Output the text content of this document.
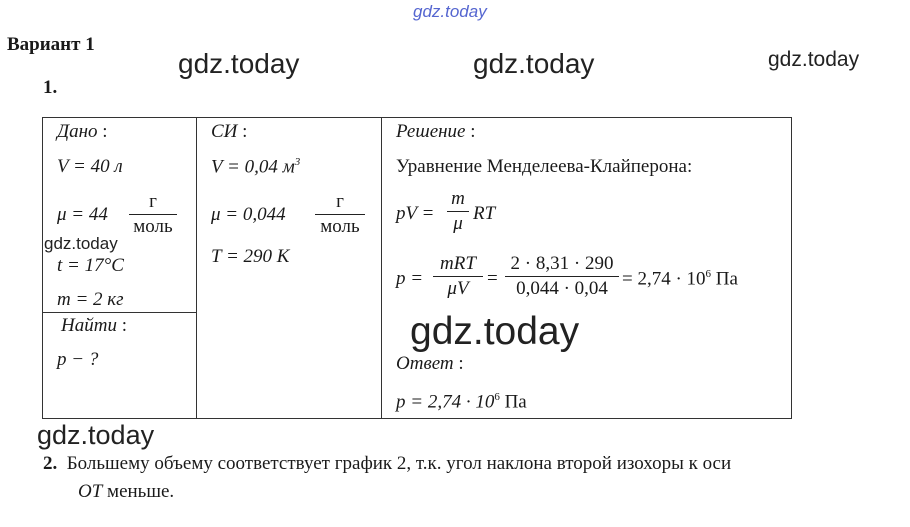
gdz.today
gdz.today	gdz.today	gdz.today
Вариант 1
1.
Дано :
V = 40 л
μ = 44
г
моль
t = 17°C
m = 2 кг
Найти :
p − ?
СИ :
V = 0,04 $м^3$
μ = 0,044
г
моль
T = 290 К
Решение :
Уравнение Менделеева-Клайперона:
pV =
m
μ RT
p =
mRT
μV =
2 · 8,31 · 290
$0,044 \cdot 0,04 = 2,74 \cdot 10^6$ Па
Ответ :
$p = 2,74 \cdot 10^6$ Па
gdz.today
gdz.today
gdz.today
2. Большему объему соответствует график 2, т.к. угол наклона второй изохоры к оси
OT меньше.
